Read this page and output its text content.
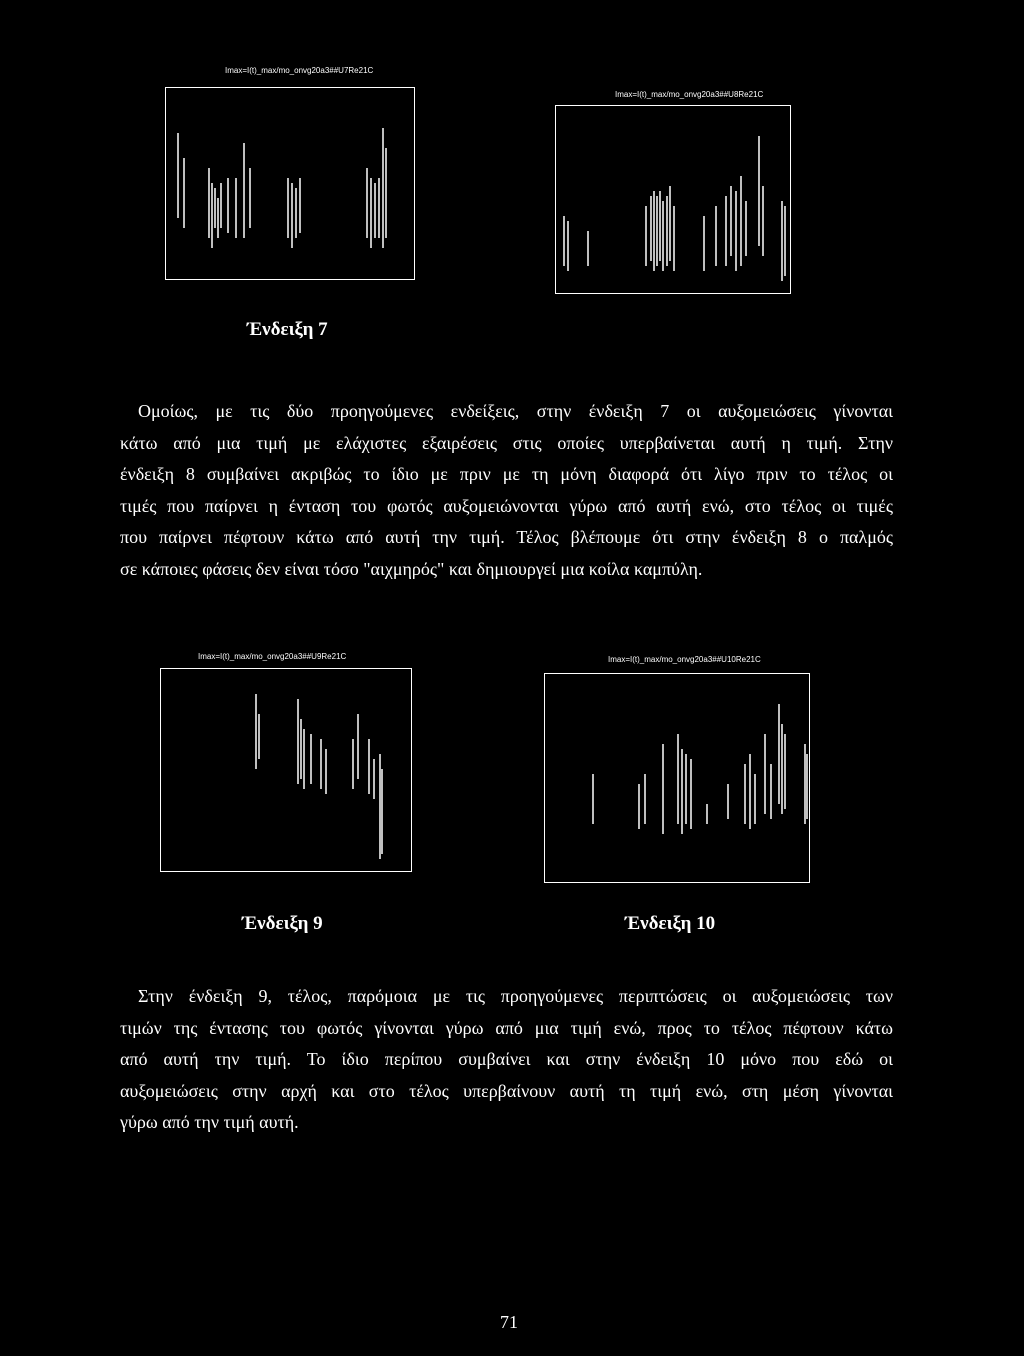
Imax=I(t)_max/mo_onvg20a3##U7Re21C
Imax=I(t)_max/mo_onvg20a3##U8Re21C
Ένδειξη 7
Ομοίως, με τις δύο προηγούμενες ενδείξεις, στην ένδειξη 7 οι αυξομειώσεις γίνονται
κάτω από μια τιμή με ελάχιστες εξαιρέσεις στις οποίες υπερβαίνεται αυτή η τιμή. Στην
ένδειξη 8 συμβαίνει ακριβώς το ίδιο με πριν με τη μόνη διαφορά ότι λίγο πριν το τέλος οι
τιμές που παίρνει η ένταση του φωτός αυξομειώνονται γύρω από αυτή ενώ, στο τέλος οι τιμές
που παίρνει πέφτουν κάτω από αυτή την τιμή. Τέλος βλέπουμε ότι στην ένδειξη 8 ο παλμός
σε κάποιες φάσεις δεν είναι τόσο "αιχμηρός" και δημιουργεί μια κοίλα καμπύλη.
Imax=I(t)_max/mo_onvg20a3##U9Re21C	Imax=I(t)_max/mo_onvg20a3##U10Re21C
Ένδειξη 9	Ένδειξη 10
Στην ένδειξη 9, τέλος, παρόμοια με τις προηγούμενες περιπτώσεις οι αυξομειώσεις των
τιμών της έντασης του φωτός γίνονται γύρω από μια τιμή ενώ, προς το τέλος πέφτουν κάτω
από αυτή την τιμή. Το ίδιο περίπου συμβαίνει και στην ένδειξη 10 μόνο που εδώ οι
αυξομειώσεις στην αρχή και στο τέλος υπερβαίνουν αυτή τη τιμή ενώ, στη μέση γίνονται
γύρω από την τιμή αυτή.
71
